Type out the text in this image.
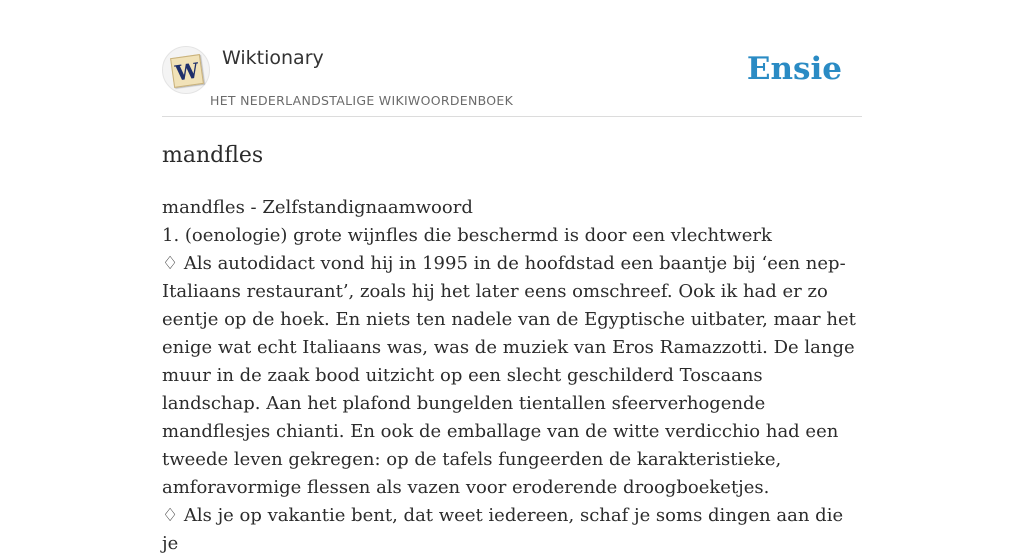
W Wiktionary
HET NEDERLANDSTALIGE WIKIWOORDENBOEK
Ensie
mandfles

mandfles - Zelfstandignaamwoord

1. (oenologie) grote wijnfles die beschermd is door een vlechtwerk

♢ Als autodidact vond hij in 1995 in de hoofdstad een baantje bij ‘een nep-Italiaans restaurant’, zoals hij het later eens omschreef. Ook ik had er zo eentje op de hoek. En niets ten nadele van de Egyptische uitbater, maar het enige wat echt Italiaans was, was de muziek van Eros Ramazzotti. De lange muur in de zaak bood uitzicht op een slecht geschilderd Toscaans landschap. Aan het plafond bungelden tientallen sfeerverhogende mandflesjes chianti. En ook de emballage van de witte verdicchio had een tweede leven gekregen: op de tafels fungeerden de karakteristieke, amforavormige flessen als vazen voor eroderende droogboeketjes.

♢ Als je op vakantie bent, dat weet iedereen, schaf je soms dingen aan die je
